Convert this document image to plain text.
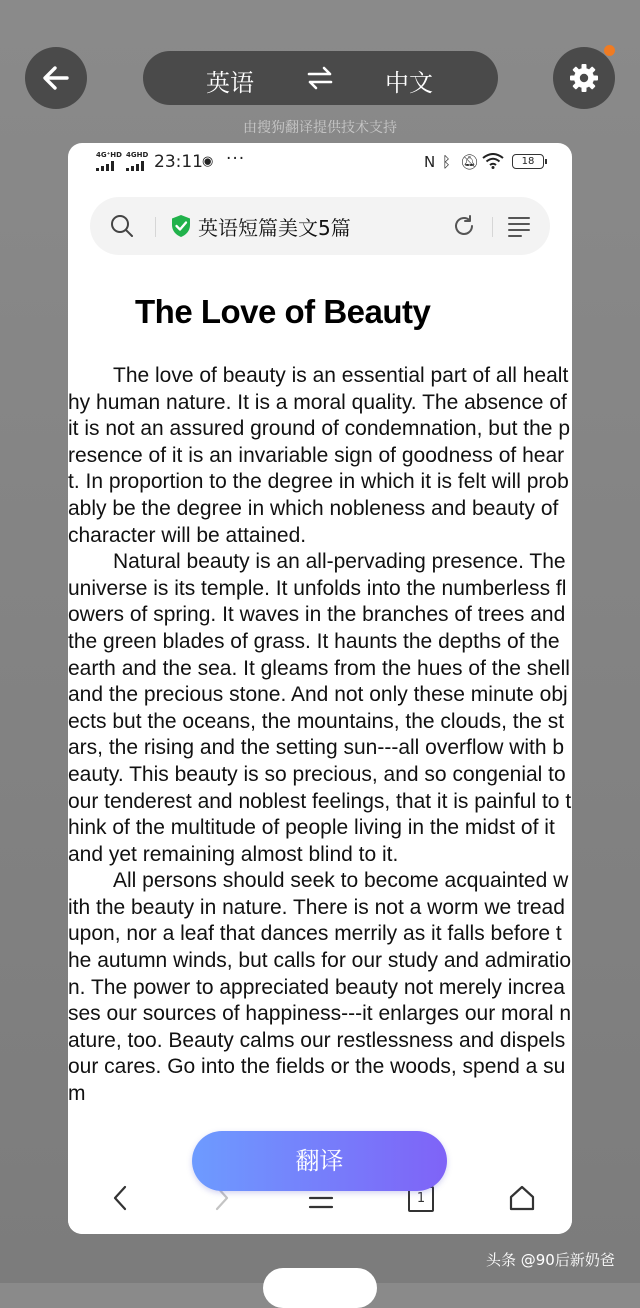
英语	中文
由搜狗翻译提供技术支持
4G⁺HD 4GHD 23:11 ◉ ···	N ᛒ 🔕︎	18
英语短篇美文5篇
The Love of Beauty

The love of beauty is an essential part of all healthy human nature. It is a moral quality. The absence of it is not an assured ground of condemnation, but the presence of it is an invariable sign of goodness of heart. In proportion to the degree in which it is felt will probably be the degree in which nobleness and beauty of character will be attained.

Natural beauty is an all-pervading presence. The universe is its temple. It unfolds into the numberless flowers of spring. It waves in the branches of trees and the green blades of grass. It haunts the depths of the earth and the sea. It gleams from the hues of the shell and the precious stone. And not only these minute objects but the oceans, the mountains, the clouds, the stars, the rising and the setting sun---all overflow with beauty. This beauty is so precious, and so congenial to our tenderest and noblest feelings, that it is painful to think of the multitude of people living in the midst of it and yet remaining almost blind to it.

All persons should seek to become acquainted with the beauty in nature. There is not a worm we tread upon, nor a leaf that dances merrily as it falls before the autumn winds, but calls for our study and admiration. The power to appreciated beauty not merely increases our sources of happiness---it enlarges our moral nature, too. Beauty calms our restlessness and dispels our cares. Go into the fields or the woods, spend a sum

1
翻译
头条 @90后新奶爸
